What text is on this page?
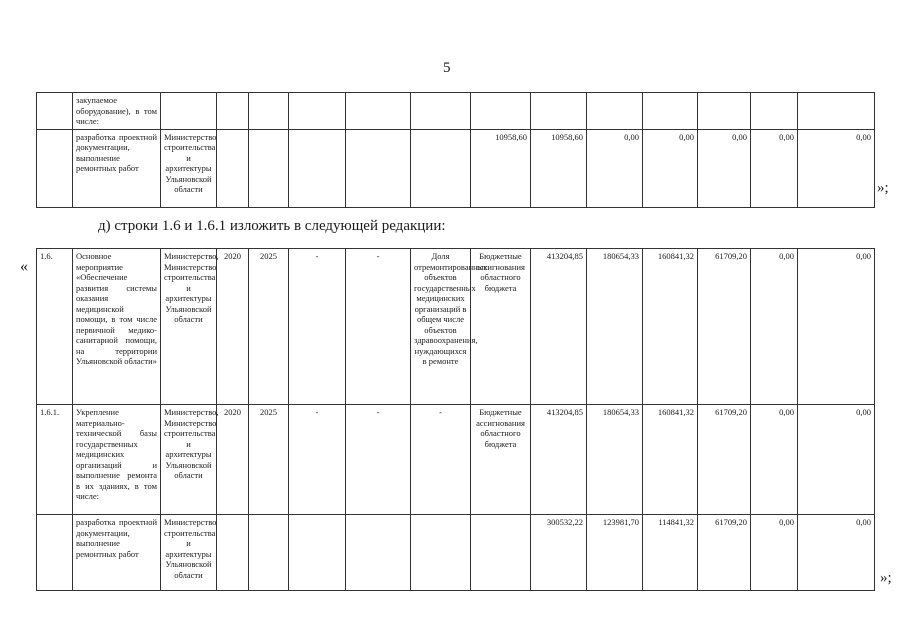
5
	закупаемое оборудование), в том числе:													
	разработка проектной документации, выполнение ремонтных работ	Министерство строительства и архитектуры Ульяновской области						10958,60	10958,60	0,00	0,00	0,00	0,00	0,00
»;
д) строки 1.6 и 1.6.1 изложить в следующей редакции:
«
1.6.	Основное мероприятие «Обеспечение развития системы оказания медицинской помощи, в том числе первичной медико-санитарной помощи, на территории Ульяновской области»	Министерство, Министерство строительства и архитектуры Ульяновской области	2020	2025	-	-	Доля отремонтированных объектов государственных медицинских организаций в общем числе объектов здравоохранения, нуждающихся в ремонте	Бюджетные ассигнования областного бюджета	413204,85	180654,33	160841,32	61709,20	0,00	0,00	
1.6.1.	Укрепление материально-технической базы государственных медицинских организаций и выполнение ремонта в их зданиях, в том числе:	Министерство, Министерство строительства и архитектуры Ульяновской области	2020	2025	-	-	-	Бюджетные ассигнования областного бюджета	413204,85	180654,33	160841,32	61709,20	0,00	0,00	
	разработка проектной документации, выполнение ремонтных работ	Министерство строительства и архитектуры Ульяновской области							300532,22	123981,70	114841,32	61709,20	0,00	0,00	
»;
